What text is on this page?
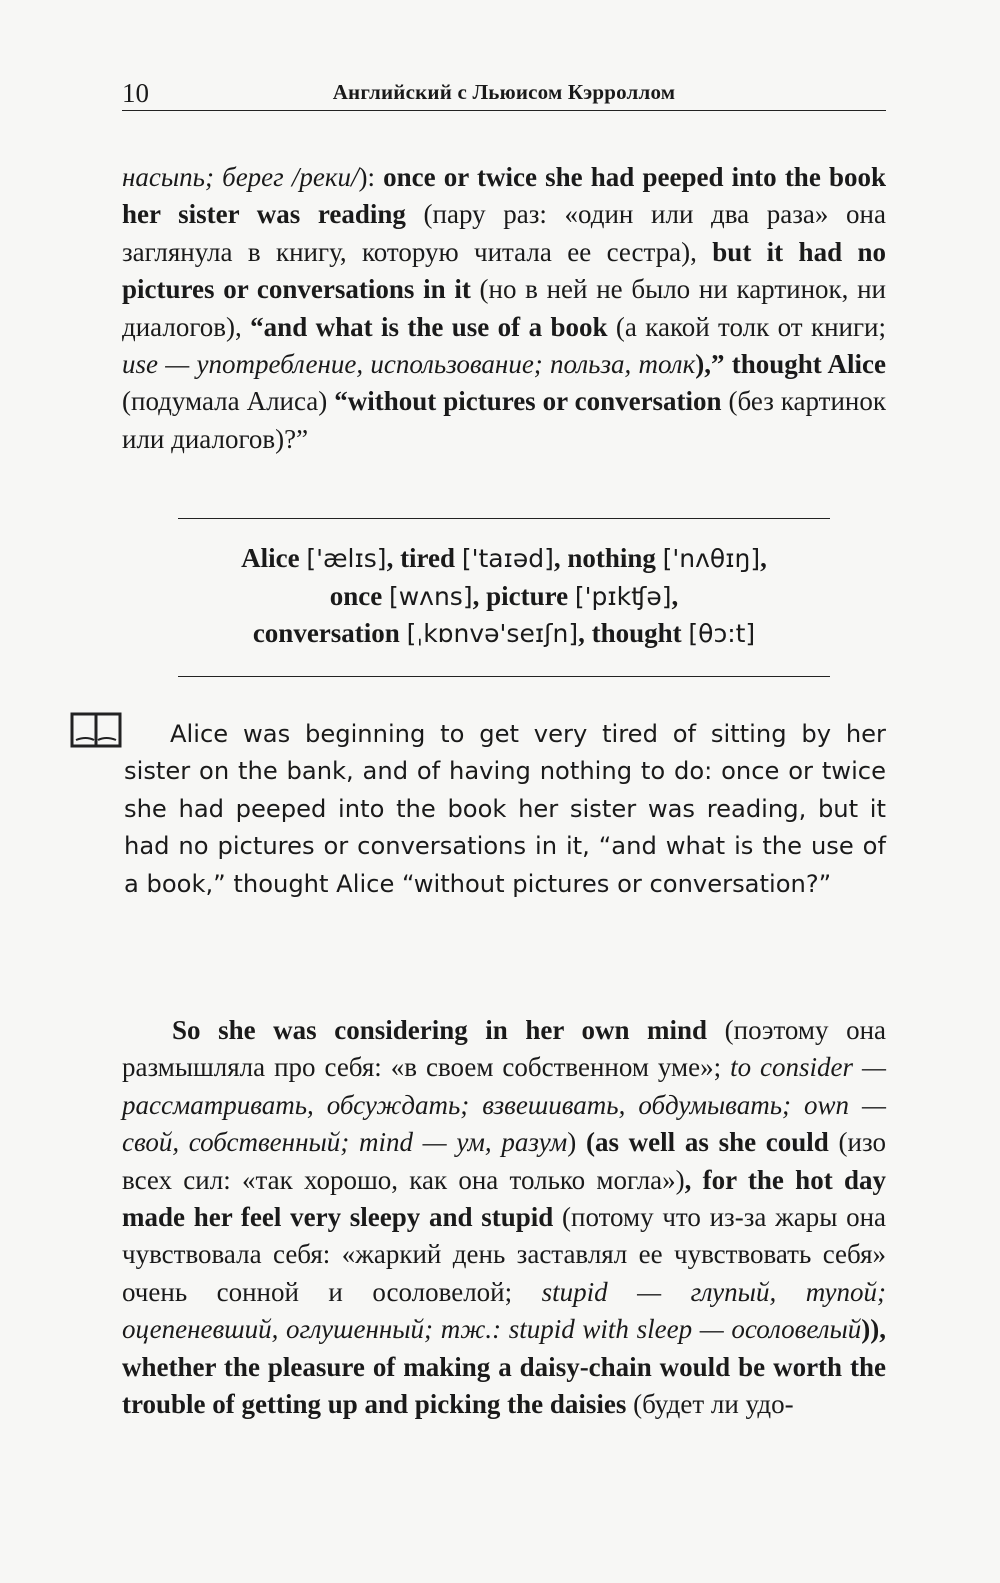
10	Английский с Льюисом Кэрроллом
насыпь; берег /реки/): once or twice she had peeped into the book her sister was reading (пару раз: «один или два раза» она заглянула в книгу, которую читала ее сестра), but it had no pictures or conversations in it (но в ней не было ни картинок, ни диалогов), “and what is the use of a book (а какой толк от книги; use — употребление, использование; польза, толк),” thought Alice (подумала Алиса) “without pictures or conversation (без картинок или диалогов)?”
Alice ['ælɪs], tired ['taɪəd], nothing ['nʌθɪŋ],
once [wʌns], picture ['pɪkʧə],
conversation [ˌkɒnvə'seɪʃn], thought [θɔ:t]
Alice was beginning to get very tired of sitting by her sister on the bank, and of having nothing to do: once or twice she had peeped into the book her sister was reading, but it had no pictures or conversations in it, “and what is the use of a book,” thought Alice “without pictures or conversation?”
So she was considering in her own mind (поэтому она размышляла про себя: «в своем собственном уме»; to consider — рассматривать, обсуждать; взвешивать, обдумывать; own — свой, собственный; mind — ум, разум) (as well as she could (изо всех сил: «так хорошо, как она только могла»), for the hot day made her feel very sleepy and stupid (потому что из-за жары она чувствовала себя: «жаркий день заставлял ее чувствовать себя» очень сонной и осоловелой; stupid — глупый, тупой; оцепеневший, оглушенный; тж.: stupid with sleep — осоловелый)), whether the pleasure of making a daisy-chain would be worth the trouble of getting up and picking the daisies (будет ли удо-
